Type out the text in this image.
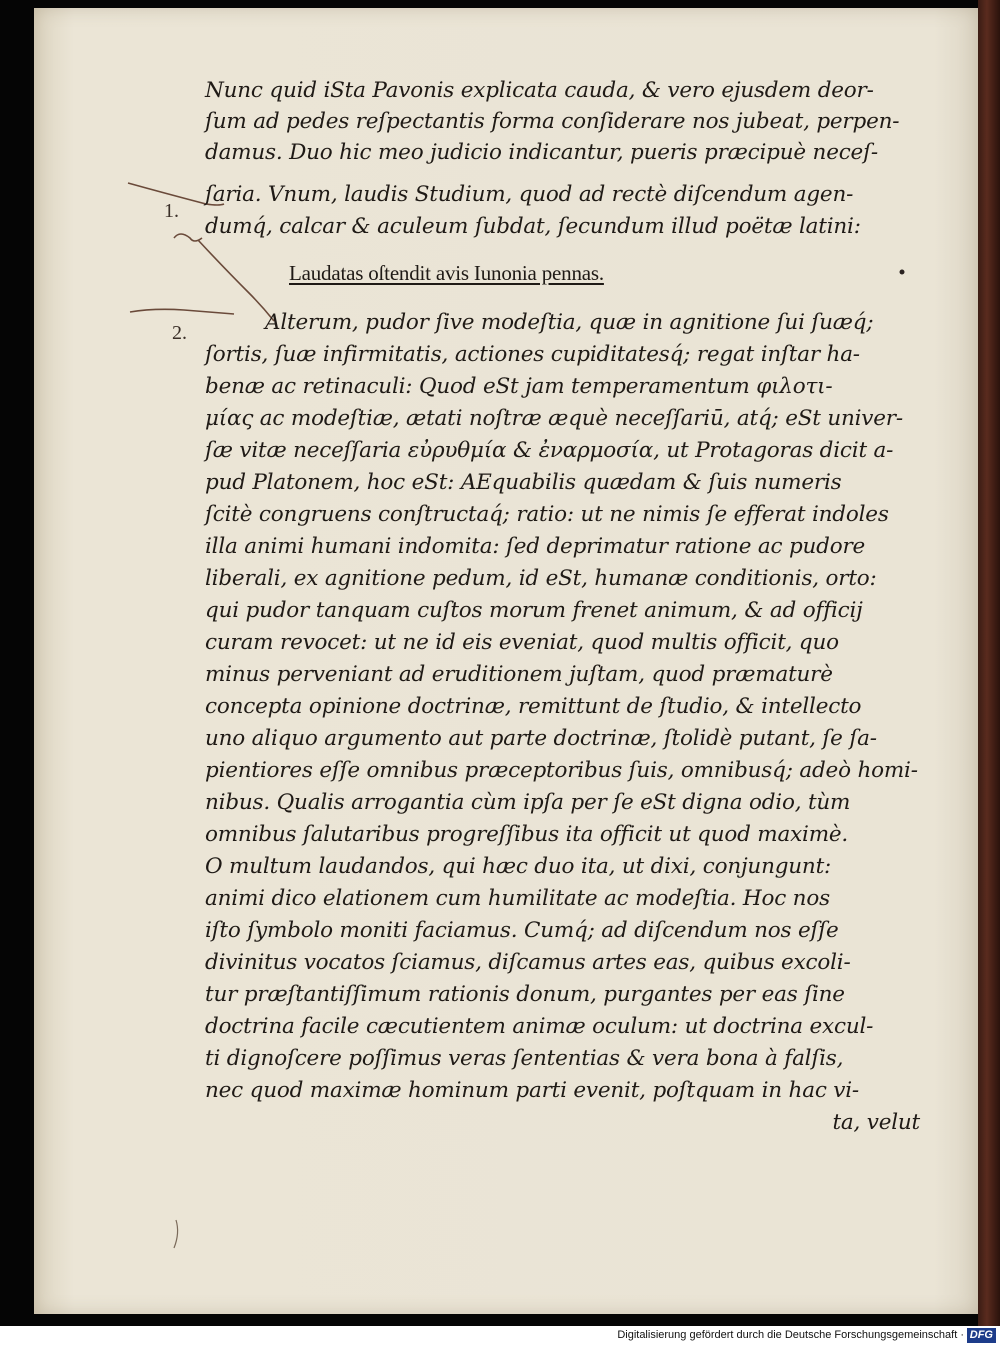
1.
2.
Nunc quid iSta Pavonis explicata cauda, & vero ejusdem deor-
ſum ad pedes reſpectantis forma conſiderare nos jubeat, perpen-
damus. Duo hic meo judicio indicantur, pueris præcipuè neceſ-
ſaria. Vnum, laudis Studium, quod ad rectè diſcendum agen-
dumq́, calcar & aculeum ſubdat, ſecundum illud poëtæ latini:
Laudatas oſtendit avis Iunonia pennas.
Alterum, pudor ſive modeſtia, quæ in agnitione ſui ſuæq́;
ſortis, ſuæ infirmitatis, actiones cupiditatesq́; regat inſtar ha-
benæ ac retinaculi: Quod eSt jam temperamentum φιλοτι-
μίας ac modeſtiæ, ætati noſtræ æquè neceſſariū, atq́; eSt univer-
ſæ vitæ neceſſaria εὐρυθμία & ἐναρμοσία, ut Protagoras dicit a-
pud Platonem, hoc eSt: AEquabilis quædam & ſuis numeris
ſcitè congruens conſtructaq́; ratio: ut ne nimis ſe efferat indoles
illa animi humani indomita: ſed deprimatur ratione ac pudore
liberali, ex agnitione pedum, id eSt, humanæ conditionis, orto:
qui pudor tanquam cuſtos morum frenet animum, & ad officij
curam revocet: ut ne id eis eveniat, quod multis officit, quo
minus perveniant ad eruditionem juſtam, quod præmaturè
concepta opinione doctrinæ, remittunt de ſtudio, & intellecto
uno aliquo argumento aut parte doctrinæ, ſtolidè putant, ſe ſa-
pientiores eſſe omnibus præceptoribus ſuis, omnibusq́; adeò homi-
nibus. Qualis arrogantia cùm ipſa per ſe eSt digna odio, tùm
omnibus ſalutaribus progreſſibus ita officit ut quod maximè.
O multum laudandos, qui hæc duo ita, ut dixi, conjungunt:
animi dico elationem cum humilitate ac modeſtia. Hoc nos
iſto ſymbolo moniti faciamus. Cumq́; ad diſcendum nos eſſe
divinitus vocatos ſciamus, diſcamus artes eas, quibus excoli-
tur præſtantiſſimum rationis donum, purgantes per eas ſine
doctrina facile cæcutientem animæ oculum: ut doctrina excul-
ti dignoſcere poſſimus veras ſententias & vera bona à falſis,
nec quod maximæ hominum parti evenit, poſtquam in hac vi-
ta, velut
Digitalisierung gefördert durch die Deutsche Forschungsgemeinschaft · DFG
